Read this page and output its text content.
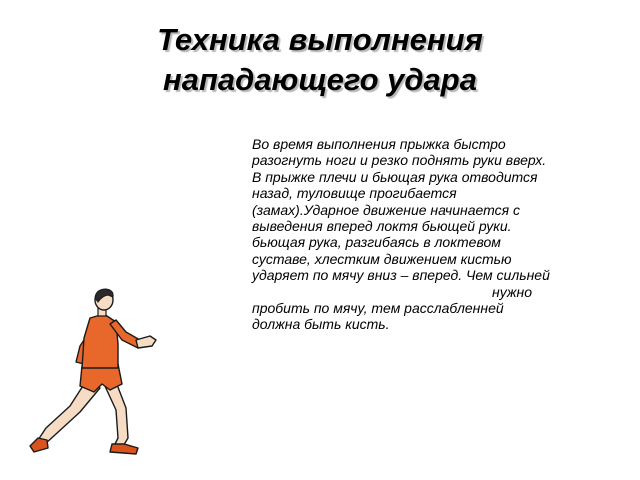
Техника выполнения
нападающего удара
Во время выполнения прыжка быстро
разогнуть ноги и резко поднять руки вверх.
В прыжке плечи и бьющая рука отводится
назад, туловище прогибается
(замах).Ударное движение начинается с
выведения вперед локтя бьющей руки.
бьющая рука, разгибаясь в локтевом
суставе, хлестким движением кистью
ударяет по мячу вниз – вперед. Чем сильней
нужно
пробить по мячу, тем расслабленней
должна быть кисть.
